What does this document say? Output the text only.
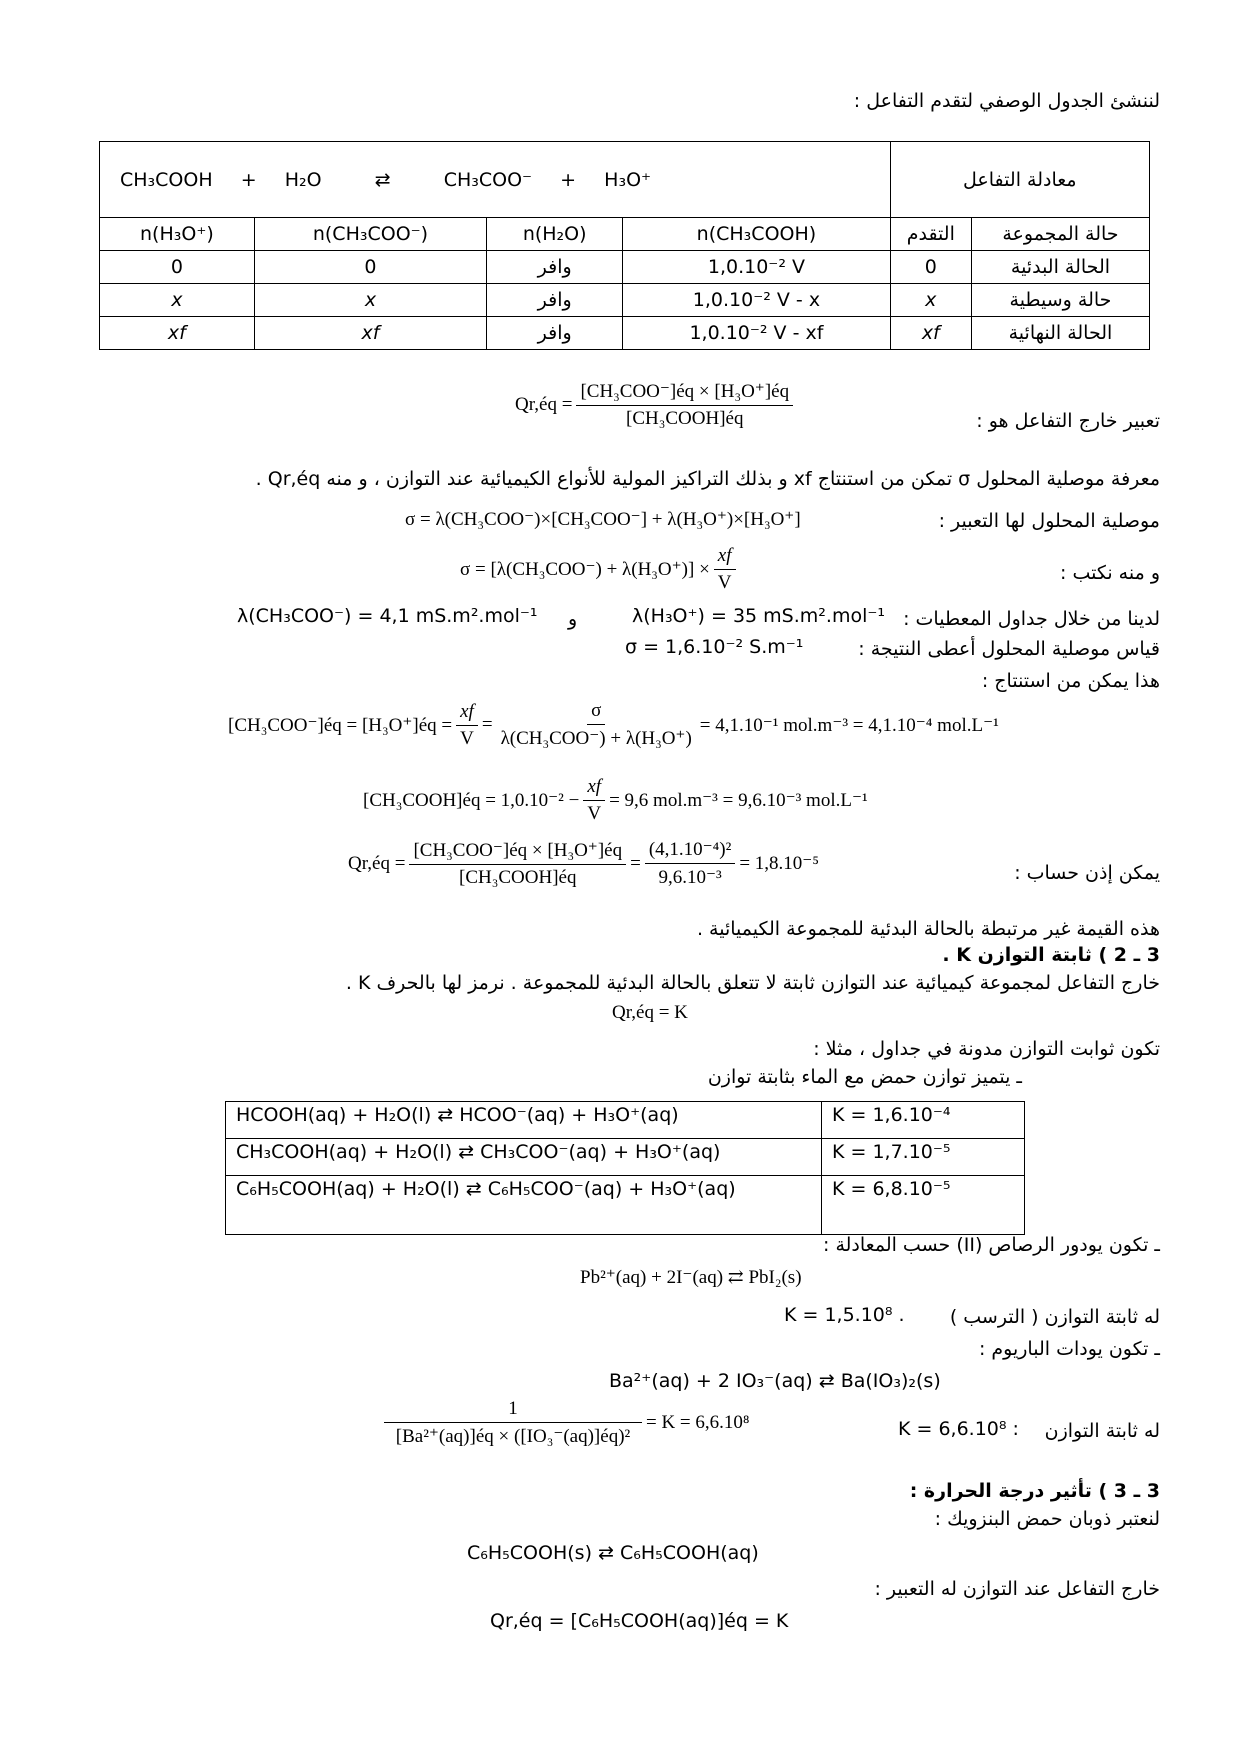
لننشئ الجدول الوصفي لتقدم التفاعل :
CH₃COOH + H₂O ⇄ CH₃COO⁻ + H₃O⁺				معادلة التفاعل	
n(H₃O⁺)	n(CH₃COO⁻)	n(H₂O)	n(CH₃COOH)	التقدم	حالة المجموعة
0	0	وافر	1,0.10⁻² V	0	الحالة البدئية
x	x	وافر	1,0.10⁻² V - x	x	حالة وسيطية
xf	xf	وافر	1,0.10⁻² V - xf	xf	الحالة النهائية
تعبير خارج التفاعل هو :
Qr,éq = $\frac{\text{[CH₃COO⁻]éq × [H₃O⁺]éq}}{\text{[CH₃COOH]éq}}$
معرفة موصلية المحلول σ تمكن من استنتاج xf و بذلك التراكيز المولية للأنواع الكيميائية عند التوازن ، و منه Qr,éq .
موصلية المحلول لها التعبير :
σ = λ(CH₃COO⁻)×[CH₃COO⁻] + λ(H₃O⁺)×[H₃O⁺]
و منه نكتب :
$\sigma = [\lambda(CH_3COO^-) + \lambda(H_3O^+)] \times \frac{xf}{V}$
لدينا من خلال جداول المعطيات :
λ(H₃O⁺) = 35 mS.m².mol⁻¹
و
λ(CH₃COO⁻) = 4,1 mS.m².mol⁻¹
قياس موصلية المحلول أعطى النتيجة :
σ = 1,6.10⁻² S.m⁻¹
هذا يمكن من استنتاج :
[CH₃COO⁻]éq = [H₃O⁺]éq = $\frac{xf}{V} = \frac{\sigma}{\text{λ(CH₃COO⁻) + λ(H₃O⁺)}} = 4,1.10^{-1}$ mol.m⁻³ = 4,1.10⁻⁴ mol.L⁻¹
[CH₃COOH]éq = $1,0.10^{-2} - \frac{xf}{V} = 9,6$ mol.m⁻³ = 9,6.10⁻³ mol.L⁻¹
يمكن إذن حساب :
Qr,éq = $\frac{\text{[CH₃COO⁻]éq × [H₃O⁺]éq}}{\text{[CH₃COOH]éq}} = \frac{\text{(4,1.10⁻⁴)²}}{\text{9,6.10⁻³}} = 1,8.10^{-5}$
هذه القيمة غير مرتبطة بالحالة البدئية للمجموعة الكيميائية .
3 ـ 2 ) ثابتة التوازن K .
خارج التفاعل لمجموعة كيميائية عند التوازن ثابتة لا تتعلق بالحالة البدئية للمجموعة . نرمز لها بالحرف K .
Qr,éq = K
تكون ثوابت التوازن مدونة في جداول ، مثلا :
ـ يتميز توازن حمض مع الماء بثابتة توازن
HCOOH(aq) + H₂O(l) ⇄ HCOO⁻(aq) + H₃O⁺(aq)	K = 1,6.10⁻⁴
CH₃COOH(aq) + H₂O(l) ⇄ CH₃COO⁻(aq) + H₃O⁺(aq)	K = 1,7.10⁻⁵
C₆H₅COOH(aq) + H₂O(l) ⇄ C₆H₅COO⁻(aq) + H₃O⁺(aq)	K = 6,8.10⁻⁵
ـ تكون يودور الرصاص (II) حسب المعادلة :
Pb²⁺(aq) + 2I⁻(aq) ⇄ PbI₂(s)
له ثابتة التوازن ( الترسب )
K = 1,5.10⁸ .
ـ تكون يودات الباريوم :
Ba²⁺(aq) + 2 IO₃⁻(aq) ⇄ Ba(IO₃)₂(s)
له ثابتة التوازن
K = 6,6.10⁸ :
$\frac{1}{\text{[Ba²⁺(aq)]éq × ([IO₃⁻(aq)]éq)²}} = K = 6,6.10^8$
3 ـ 3 ) تأثير درجة الحرارة :
لنعتبر ذوبان حمض البنزويك :
C₆H₅COOH(s) ⇄ C₆H₅COOH(aq)
خارج التفاعل عند التوازن له التعبير :
Qr,éq = [C₆H₅COOH(aq)]éq = K
